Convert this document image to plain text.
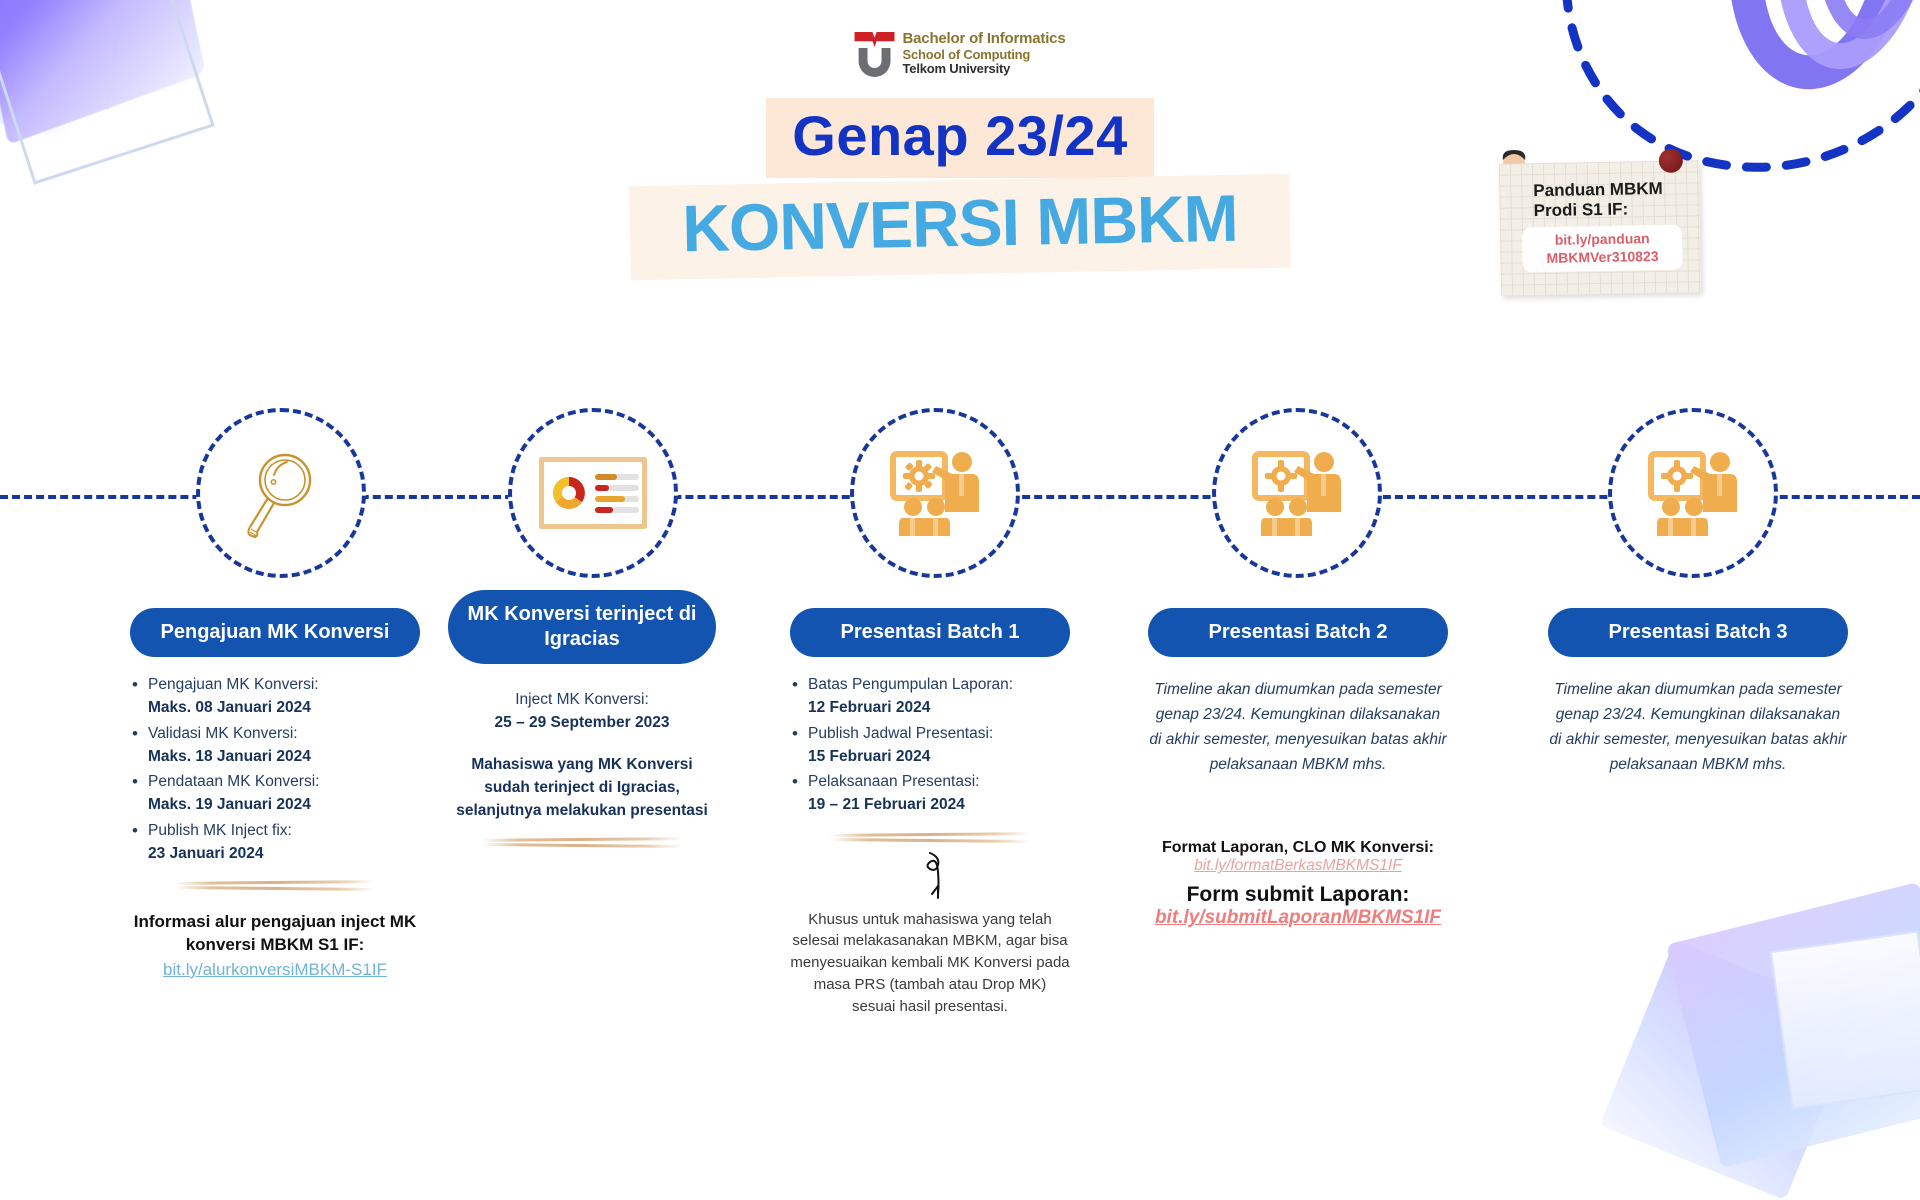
Bachelor of Informatics
School of Computing
Telkom University
Genap 23/24
KONVERSI MBKM	Panduan MBKM
Prodi S1 IF:
bit.ly/panduan
MBKMVer310823
Pengajuan MK Konversi
• Pengajuan MK Konversi:
Maks. 08 Januari 2024
• Validasi MK Konversi:
Maks. 18 Januari 2024
• Pendataan MK Konversi:
Maks. 19 Januari 2024
• Publish MK Inject fix:
23 Januari 2024
Informasi alur pengajuan inject MK konversi MBKM S1 IF:
bit.ly/alurkonversiMBKM-S1IF
MK Konversi terinject di Igracias
Inject MK Konversi:
25 – 29 September 2023
Mahasiswa yang MK Konversi sudah terinject di Igracias, selanjutnya melakukan presentasi
Presentasi Batch 1
• Batas Pengumpulan Laporan:
12 Februari 2024
• Publish Jadwal Presentasi:
15 Februari 2024
• Pelaksanaan Presentasi:
19 – 21 Februari 2024
Khusus untuk mahasiswa yang telah selesai melakasanakan MBKM, agar bisa menyesuaikan kembali MK Konversi pada masa PRS (tambah atau Drop MK) sesuai hasil presentasi.
Presentasi Batch 2
Timeline akan diumumkan pada semester genap 23/24. Kemungkinan dilaksanakan di akhir semester, menyesuikan batas akhir pelaksanaan MBKM mhs.
Format Laporan, CLO MK Konversi:
bit.ly/formatBerkasMBKMS1IF
Form submit Laporan:
bit.ly/submitLaporanMBKMS1IF
Presentasi Batch 3
Timeline akan diumumkan pada semester genap 23/24. Kemungkinan dilaksanakan di akhir semester, menyesuikan batas akhir pelaksanaan MBKM mhs.
